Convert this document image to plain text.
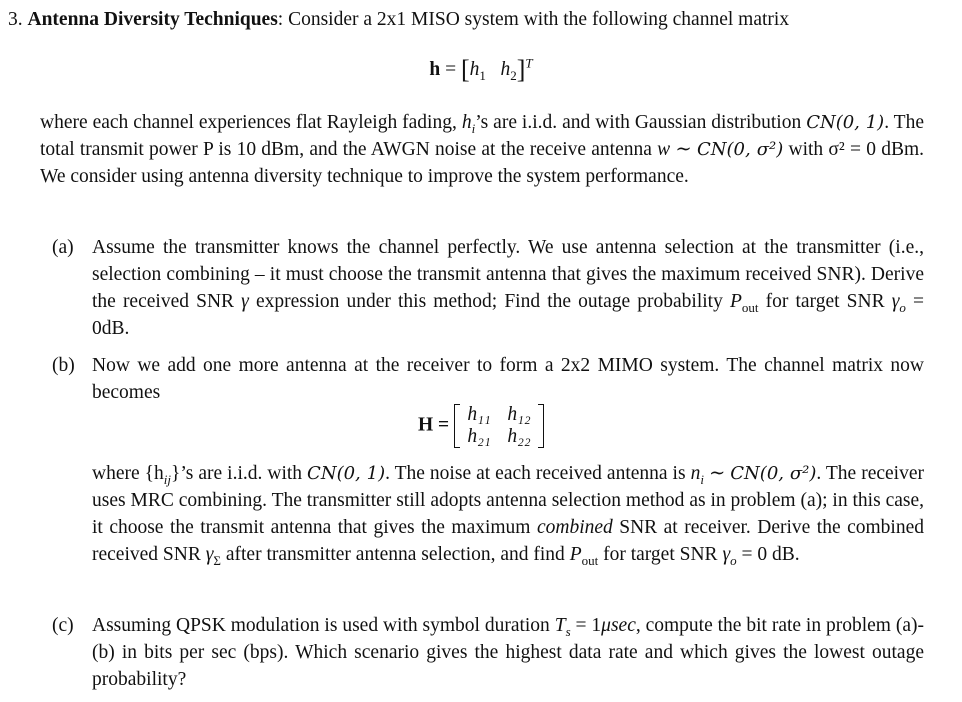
3. Antenna Diversity Techniques: Consider a 2x1 MISO system with the following channel matrix
$h = [h_1$ $h_2]^T$
where each channel experiences flat Rayleigh fading, $h_i’s$ are i.i.d. and with Gaussian distribution CN(0, 1). The total transmit power P is 10 dBm, and the AWGN noise at the receive antenna w ∼ CN(0, σ²) with σ² = 0 dBm. We consider using antenna diversity technique to improve the system performance.
(a) Assume the transmitter knows the channel perfectly. We use antenna selection at the transmitter (i.e., selection combining – it must choose the transmit antenna that gives the maximum received SNR). Derive the received SNR γ expression under this method; Find the outage probability $P_{out}$ for target SNR $\gamma_o = 0dB$.
(b) Now we add one more antenna at the receiver to form a 2x2 MIMO system. The channel matrix now becomes
H = h₁₁ h₁₂
h₂₁ h₂₂
where $\{h_{ij}\}’s$ are i.i.d. with CN(0, 1). The noise at each received antenna is $n_i$ ∼ CN(0, σ²). The receiver uses MRC combining. The transmitter still adopts antenna selection method as in problem (a); in this case, it choose the transmit antenna that gives the maximum combined SNR at receiver. Derive the combined received SNR $\gamma_\Sigma$ after transmitter antenna selection, and find $P_{out}$ for target SNR $\gamma_o = 0$ dB.
(c) Assuming QPSK modulation is used with symbol duration $T_s = 1\mu\sec$, compute the bit rate in problem (a)-(b) in bits per sec (bps). Which scenario gives the highest data rate and which gives the lowest outage probability?
